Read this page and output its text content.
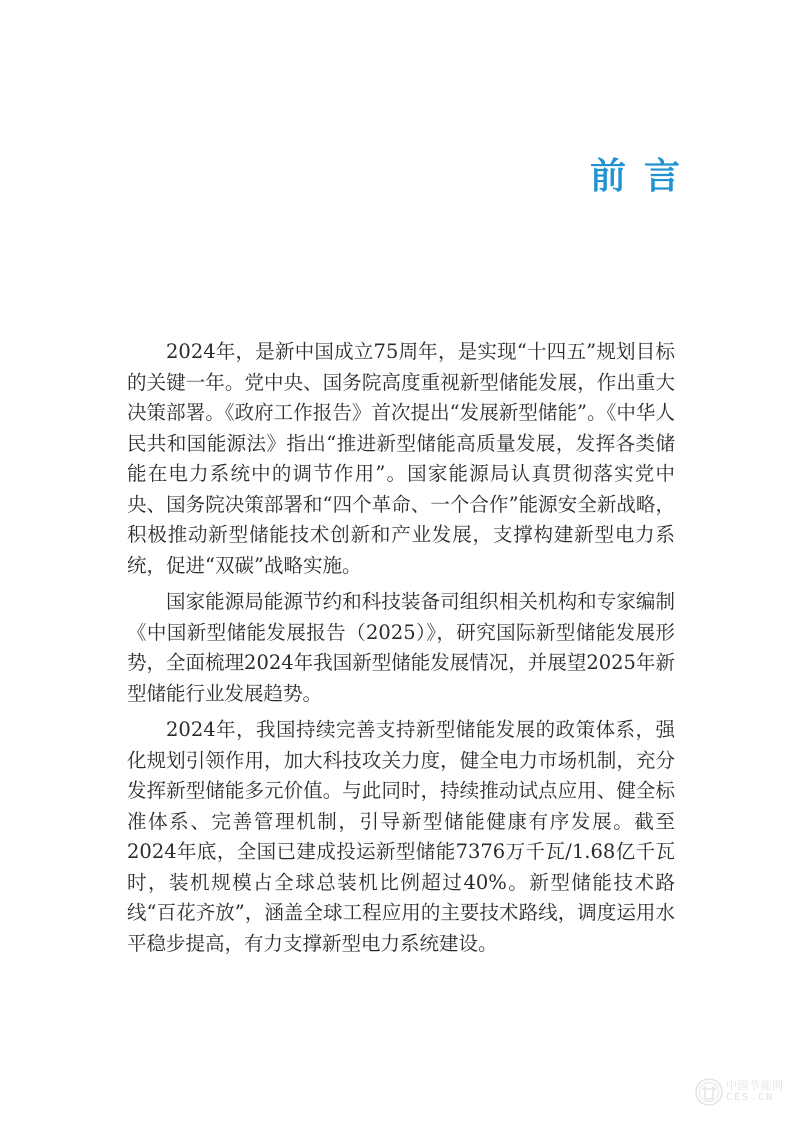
前言

2024年，是新中国成立75周年，是实现“十四五”规划目标的关键一年。党中央、国务院高度重视新型储能发展，作出重大决策部署。《政府工作报告》首次提出“发展新型储能”。《中华人民共和国能源法》指出“推进新型储能高质量发展，发挥各类储能在电力系统中的调节作用”。国家能源局认真贯彻落实党中央、国务院决策部署和“四个革命、一个合作”能源安全新战略，积极推动新型储能技术创新和产业发展，支撑构建新型电力系统，促进“双碳”战略实施。

国家能源局能源节约和科技装备司组织相关机构和专家编制《中国新型储能发展报告（2025）》，研究国际新型储能发展形势，全面梳理2024年我国新型储能发展情况，并展望2025年新型储能行业发展趋势。

2024年，我国持续完善支持新型储能发展的政策体系，强化规划引领作用，加大科技攻关力度，健全电力市场机制，充分发挥新型储能多元价值。与此同时，持续推动试点应用、健全标准体系、完善管理机制，引导新型储能健康有序发展。截至2024年底，全国已建成投运新型储能7376万千瓦/1.68亿千瓦时，装机规模占全球总装机比例超过40%。新型储能技术路线“百花齐放”，涵盖全球工程应用的主要技术路线，调度运用水平稳步提高，有力支撑新型电力系统建设。

中国节能网
CES.CN
